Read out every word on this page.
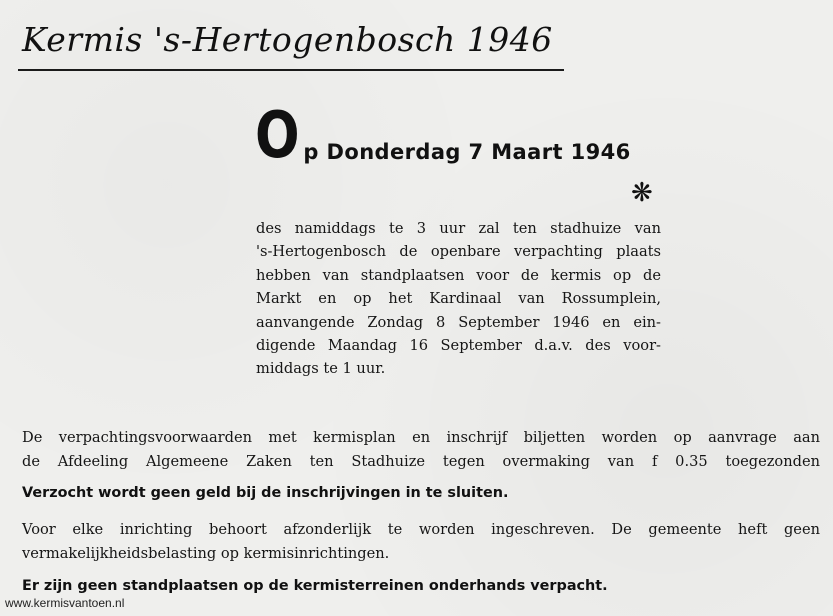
Kermis 's-Hertogenbosch 1946
O p Donderdag 7 Maart 1946
❋
des namiddags te 3 uur zal ten stadhuize van
's-Hertogenbosch de openbare verpachting plaats
hebben van standplaatsen voor de kermis op de
Markt en op het Kardinaal van Rossumplein,
aanvangende Zondag 8 September 1946 en ein-
digende Maandag 16 September d.a.v. des voor-
middags te 1 uur.
De verpachtingsvoorwaarden met kermisplan en inschrijf biljetten worden op aanvrage aan
de Afdeeling Algemeene Zaken ten Stadhuize tegen overmaking van f 0.35 toegezonden
Verzocht wordt geen geld bij de inschrijvingen in te sluiten.
Voor elke inrichting behoort afzonderlijk te worden ingeschreven. De gemeente heft geen
vermakelijkheidsbelasting op kermisinrichtingen.
Er zijn geen standplaatsen op de kermisterreinen onderhands verpacht.
www.kermisvantoen.nl
